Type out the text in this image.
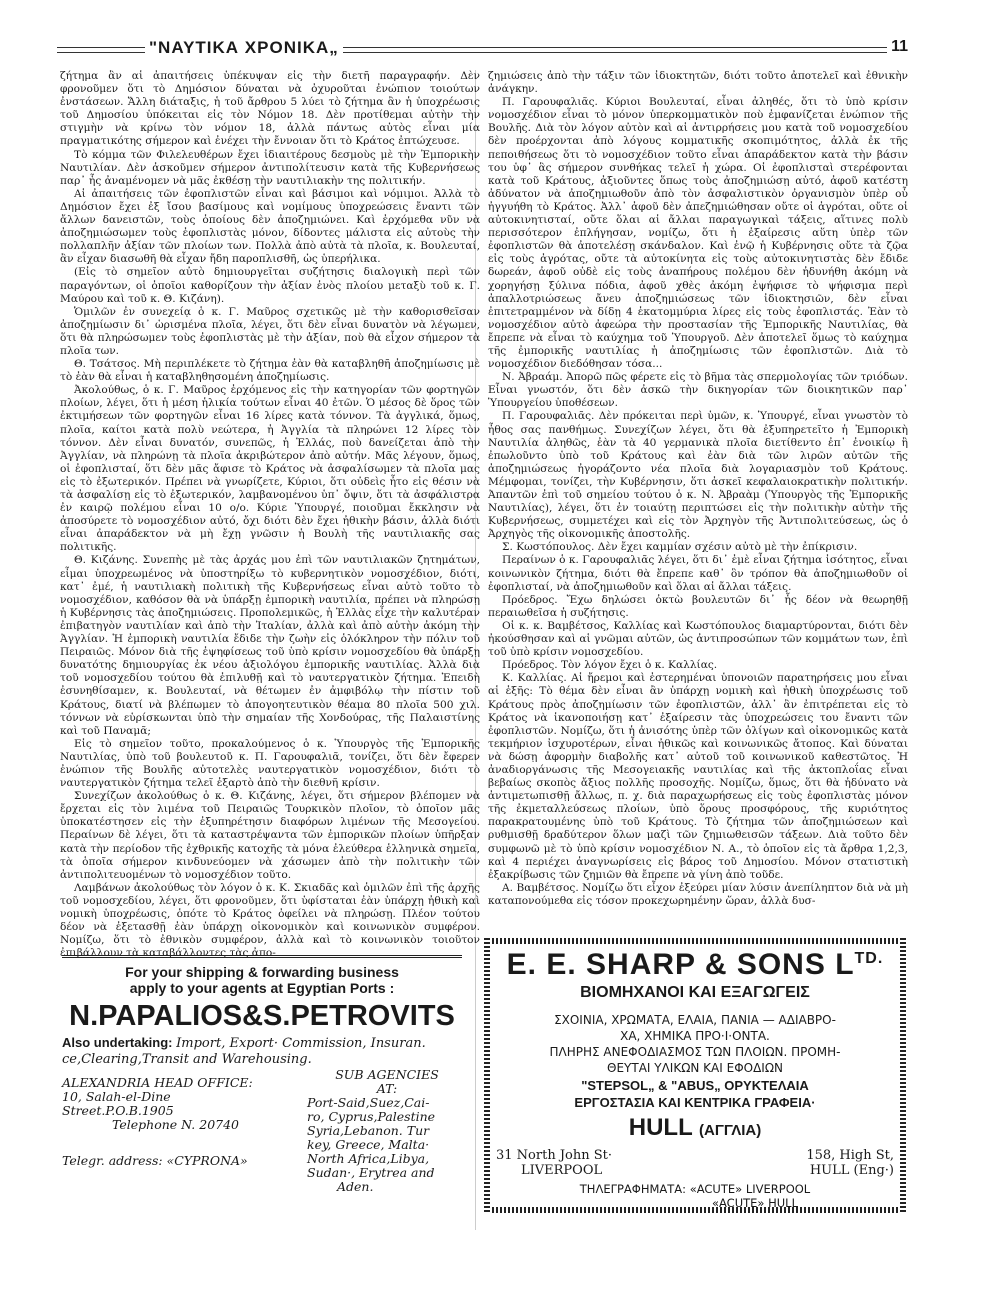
"ΝΑΥΤΙΚΑ ΧΡΟΝΙΚΑ„	11

ζήτημα ἂν αἱ ἀπαιτήσεις ὑπέκυψαν εἰς τὴν διετῆ παραγραφήν. Δὲν φρονοῦμεν ὅτι τὸ Δημόσιον δύναται νὰ ὀχυροῦται ἐνώπιον τοιούτων ἐνστάσεων. Ἄλλη διάταξις, ἡ τοῦ ἄρθρου 5 λύει τὸ ζήτημα ἂν ἡ ὑποχρέωσις τοῦ Δημοσίου ὑπόκειται εἰς τὸν Νόμον 18. Δὲν προτίθεμαι αὐτὴν τὴν στιγμὴν νὰ κρίνω τὸν νόμον 18, ἀλλὰ πάντως αὐτὸς εἶναι μία πραγματικότης σήμερον καὶ ἐνέχει τὴν ἔννοιαν ὅτι τὸ Κράτος ἐπτώχευσε.

Τὸ κόμμα τῶν Φιλελευθέρων ἔχει ἰδιαιτέρους δεσμοὺς μὲ τὴν Ἐμπορικὴν Ναυτιλίαν. Δὲν ἀσκοῦμεν σήμερον ἀντιπολίτευσιν κατὰ τῆς Κυβερνήσεως παρ᾽ ἧς ἀναμένομεν νὰ μᾶς ἐκθέσῃ τὴν ναυτιλιακὴν της πολιτικήν.

Αἱ ἀπαιτήσεις τῶν ἐφοπλιστῶν εἶναι καὶ βάσιμοι καὶ νόμιμοι. Ἀλλὰ τὸ Δημόσιον ἔχει ἐξ ἴσου βασίμους καὶ νομίμους ὑποχρεώσεις ἔναντι τῶν ἄλλων δανειστῶν, τοὺς ὁποίους δὲν ἀποζημιώνει. Καὶ ἐρχόμεθα νῦν νὰ ἀποζημιώσωμεν τοὺς ἐφοπλιστὰς μόνον, δίδοντες μάλιστα εἰς αὐτοὺς τὴν πολλαπλῆν ἀξίαν τῶν πλοίων των. Πολλὰ ἀπὸ αὐτὰ τὰ πλοῖα, κ. Βουλευταί, ἂν εἶχαν διασωθῆ θὰ εἶχαν ἤδη παροπλισθῆ, ὡς ὑπερήλικα.

(Εἰς τὸ σημεῖον αὐτὸ δημιουργεῖται συζήτησις διαλογικὴ περὶ τῶν παραγόντων, οἱ ὁποῖοι καθορίζουν τὴν ἀξίαν ἑνὸς πλοίου μεταξὺ τοῦ κ. Γ. Μαύρου καὶ τοῦ κ. Θ. Κιζάνη).

Ὁμιλῶν ἐν συνεχείᾳ ὁ κ. Γ. Μαῦρος σχετικῶς μὲ τὴν καθορισθεῖσαν ἀποζημίωσιν δι᾽ ὡρισμένα πλοῖα, λέγει, ὅτι δὲν εἶναι δυνατὸν νὰ λέγωμεν, ὅτι θὰ πληρώσωμεν τοὺς ἐφοπλιστὰς μὲ τὴν ἀξίαν, ποὺ θὰ εἶχον σήμερον τὰ πλοῖα των.

Θ. Τσάτσος. Μὴ περιπλέκετε τὸ ζήτημα ἐὰν θὰ καταβληθῆ ἀποζημίωσις μὲ τὸ ἐὰν θὰ εἶναι ἡ καταβληθησομένη ἀποζημίωσις.

Ἀκολούθως, ὁ κ. Γ. Μαῦρος ἐρχόμενος εἰς τὴν κατηγορίαν τῶν φορτηγῶν πλοίων, λέγει, ὅτι ἡ μέση ἡλικία τούτων εἶναι 40 ἐτῶν. Ὁ μέσος δὲ ὅρος τῶν ἐκτιμήσεων τῶν φορτηγῶν εἶναι 16 λίρες κατὰ τόννον. Τὰ ἀγγλικά, ὅμως, πλοῖα, καίτοι κατὰ πολὺ νεώτερα, ἡ Ἀγγλία τὰ πληρώνει 12 λίρες τὸν τόννον. Δὲν εἶναι δυνατόν, συνεπῶς, ἡ Ἑλλάς, ποὺ δανείζεται ἀπὸ τὴν Ἀγγλίαν, νὰ πληρώνῃ τὰ πλοῖα ἀκριβώτερον ἀπὸ αὐτήν. Μᾶς λέγουν, ὅμως, οἱ ἐφοπλισταί, ὅτι δὲν μᾶς ἄφισε τὸ Κράτος νὰ ἀσφαλίσωμεν τὰ πλοῖα μας εἰς τὸ ἐξωτερικόν. Πρέπει νὰ γνωρίζετε, Κύριοι, ὅτι οὐδεὶς ἦτο εἰς θέσιν νὰ τὰ ἀσφαλίσῃ εἰς τὸ ἐξωτερικόν, λαμβανομένου ὑπ᾽ ὄψιν, ὅτι τὰ ἀσφάλιστρα ἐν καιρῷ πολέμου εἶναι 10 o/o. Κύριε Ὑπουργέ, ποιοῦμαι ἔκκλησιν νὰ ἀποσύρετε τὸ νομοσχέδιον αὐτό, ὄχι διότι δὲν ἔχει ἠθικὴν βάσιν, ἀλλὰ διότι εἶναι ἀπαράδεκτον νὰ μὴ ἔχῃ γνῶσιν ἡ Βουλὴ τῆς ναυτιλιακῆς σας πολιτικῆς.

Θ. Κιζάνης. Συνεπὴς μὲ τὰς ἀρχάς μου ἐπὶ τῶν ναυτιλιακῶν ζητημάτων, εἶμαι ὑποχρεωμένος νὰ ὑποστηρίξω τὸ κυβερνητικὸν νομοσχέδιον, διότι, κατ᾽ ἐμέ, ἡ ναυτιλιακὴ πολιτικὴ τῆς Κυβερνήσεως εἶναι αὐτὸ τοῦτο τὸ νομοσχέδιον, καθόσον θὰ νὰ ὑπάρξῃ ἐμπορικὴ ναυτιλία, πρέπει νὰ πληρώσῃ ἡ Κυβέρνησις τὰς ἀποζημιώσεις. Προπολεμικῶς, ἡ Ἑλλὰς εἶχε τὴν καλυτέραν ἐπιβατηγὸν ναυτιλίαν καὶ ἀπὸ τὴν Ἰταλίαν, ἀλλὰ καὶ ἀπὸ αὐτὴν ἀκόμη τὴν Ἀγγλίαν. Ἡ ἐμπορικὴ ναυτιλία ἔδιδε τὴν ζωὴν εἰς ὁλόκληρον τὴν πόλιν τοῦ Πειραιῶς. Μόνον διὰ τῆς ἐψηφίσεως τοῦ ὑπὸ κρίσιν νομοσχεδίου θὰ ὑπάρξῃ δυνατότης δημιουργίας ἐκ νέου ἀξιολόγου ἐμπορικῆς ναυτιλίας. Ἀλλὰ διὰ τοῦ νομοσχεδίου τούτου θὰ ἐπιλυθῇ καὶ τὸ ναυτεργατικὸν ζήτημα. Ἐπειδὴ ἐσυνηθίσαμεν, κ. Βουλευταί, νὰ θέτωμεν ἐν ἀμφιβόλῳ τὴν πίστιν τοῦ Κράτους, διατί νὰ βλέπωμεν τὸ ἀπογοητευτικὸν θέαμα 80 πλοῖα 500 χιλ. τόννων νὰ εὑρίσκωνται ὑπὸ τὴν σημαίαν τῆς Χονδούρας, τῆς Παλαιστίνης καὶ τοῦ Παναμᾶ;

Εἰς τὸ σημεῖον τοῦτο, προκαλούμενος ὁ κ. Ὑπουργὸς τῆς Ἐμπορικῆς Ναυτιλίας, ὑπὸ τοῦ βουλευτοῦ κ. Π. Γαρουφαλιᾶ, τονίζει, ὅτι δὲν ἔφερεν ἐνώπιον τῆς Βουλῆς αὐτοτελὲς ναυτεργατικὸν νομοσχέδιον, διότι τὸ ναυτεργατικὸν ζήτημα τελεῖ ἐξαρτὸ ἀπὸ τὴν διεθνῆ κρίσιν.

Συνεχίζων ἀκολούθως ὁ κ. Θ. Κιζάνης, λέγει, ὅτι σήμερον βλέπομεν νὰ ἔρχεται εἰς τὸν λιμένα τοῦ Πειραιῶς Τουρκικὸν πλοῖον, τὸ ὁποῖον μᾶς ὑποκατέστησεν εἰς τὴν ἐξυπηρέτησιν διαφόρων λιμένων τῆς Μεσογείου. Περαίνων δὲ λέγει, ὅτι τὰ καταστρέψαντα τῶν ἐμπορικῶν πλοίων ὑπῆρξαν κατὰ τὴν περίοδον τῆς ἐχθρικῆς κατοχῆς τὰ μόνα ἐλεύθερα ἑλληνικὰ σημεῖα, τὰ ὁποῖα σήμερον κινδυνεύομεν νὰ χάσωμεν ἀπὸ τὴν πολιτικὴν τῶν ἀντιπολιτευομένων τὸ νομοσχέδιον τοῦτο.

Λαμβάνων ἀκολούθως τὸν λόγον ὁ κ. Κ. Σκιαδᾶς καὶ ὁμιλῶν ἐπὶ τῆς ἀρχῆς τοῦ νομοσχεδίου, λέγει, ὅτι φρονοῦμεν, ὅτι ὑφίσταται ἐὰν ὑπάρχῃ ἠθικὴ καὶ νομικὴ ὑποχρέωσις, ὁπότε τὸ Κράτος ὀφείλει νὰ πληρώσῃ. Πλέον τούτου δέον νὰ ἐξετασθῇ ἐὰν ὑπάρχῃ οἰκονομικὸν καὶ κοινωνικὸν συμφέρον. Νομίζω, ὅτι τὸ ἐθνικὸν συμφέρον, ἀλλὰ καὶ τὸ κοινωνικὸν τοιοῦτον ἐπιβάλλουν τὰ καταβάλλοντες τὰς ἀπο-

ζημιώσεις ἀπὸ τὴν τάξιν τῶν ἰδιοκτητῶν, διότι τοῦτο ἀποτελεῖ καὶ ἐθνικὴν ἀνάγκην.

Π. Γαρουφαλιᾶς. Κύριοι Βουλευταί, εἶναι ἀληθές, ὅτι τὸ ὑπὸ κρίσιν νομοσχέδιον εἶναι τὸ μόνον ὑπερκομματικὸν ποὺ ἐμφανίζεται ἐνώπιον τῆς Βουλῆς. Διὰ τὸν λόγον αὐτὸν καὶ αἱ ἀντιρρήσεις μου κατὰ τοῦ νομοσχεδίου δὲν προέρχονται ἀπὸ λόγους κομματικῆς σκοπιμότητος, ἀλλὰ ἐκ τῆς πεποιθήσεως ὅτι τὸ νομοσχέδιον τοῦτο εἶναι ἀπαράδεκτον κατὰ τὴν βάσιν του ὑφ᾽ ἃς σήμερον συνθήκας τελεῖ ἡ χώρα. Οἱ ἐφοπλισταὶ στερέφονται κατὰ τοῦ Κράτους, ἀξιοῦντες ὅπως τοὺς ἀποζημιώσῃ αὐτό, ἀφοῦ κατέστη ἀδύνατον νὰ ἀποζημιωθοῦν ἀπὸ τὸν ἀσφαλιστικὸν ὀργανισμὸν ὑπὲρ οὗ ἠγγυήθη τὸ Κράτος. Ἀλλ᾽ ἀφοῦ δὲν ἀπεζημιώθησαν οὔτε οἱ ἀγρόται, οὔτε οἱ αὐτοκινητισταί, οὔτε ὅλαι αἱ ἄλλαι παραγωγικαὶ τάξεις, αἵτινες πολὺ περισσότερον ἐπλήγησαν, νομίζω, ὅτι ἡ ἐξαίρεσις αὕτη ὑπὲρ τῶν ἐφοπλιστῶν θὰ ἀποτελέσῃ σκάνδαλον. Καὶ ἐνῷ ἡ Κυβέρνησις οὔτε τὰ ζῷα εἰς τοὺς ἀγρότας, οὔτε τὰ αὐτοκίνητα εἰς τοὺς αὐτοκινητιστὰς δὲν ἔδιδε δωρεάν, ἀφοῦ οὐδὲ εἰς τοὺς ἀναπήρους πολέμου δὲν ἠδυνήθη ἀκόμη νὰ χορηγήσῃ ξύλινα πόδια, ἀφοῦ χθὲς ἀκόμη ἐψήφισε τὸ ψήφισμα περὶ ἀπαλλοτριώσεως ἄνευ ἀποζημιώσεως τῶν ἰδιοκτησιῶν, δὲν εἶναι ἐπιτετραμμένον νὰ δίδῃ 4 ἑκατομμύρια λίρες εἰς τοὺς ἐφοπλιστάς. Ἐὰν τὸ νομοσχέδιον αὐτὸ ἀφεώρα τὴν προστασίαν τῆς Ἐμπορικῆς Ναυτιλίας, θὰ ἔπρεπε νὰ εἶναι τὸ καύχημα τοῦ Ὑπουργοῦ. Δὲν ἀποτελεῖ ὅμως τὸ καύχημα τῆς ἐμπορικῆς ναυτιλίας ἡ ἀποζημίωσις τῶν ἐφοπλιστῶν. Διὰ τὸ νομοσχέδιον διεδόθησαν τόσα...

Ν. Ἀβραάμ. Ἀπορῶ πῶς φέρετε εἰς τὸ βῆμα τὰς σπερμολογίας τῶν τριόδων. Εἶναι γνωστόν, ὅτι δὲν ἀσκῶ τὴν δικηγορίαν τῶν διοικητικῶν παρ᾽ Ὑπουργείου ὑποθέσεων.

Π. Γαρουφαλιᾶς. Δὲν πρόκειται περὶ ὑμῶν, κ. Ὑπουργέ, εἶναι γνωστὸν τὸ ἦθος σας πανθήμως. Συνεχίζων λέγει, ὅτι θὰ ἐξυπηρετεῖτο ἡ Ἐμπορικὴ Ναυτιλία ἀληθῶς, ἐὰν τὰ 40 γερμανικὰ πλοῖα διετίθεντο ἐπ᾽ ἐνοικίῳ ἢ ἐπωλοῦντο ὑπὸ τοῦ Κράτους καὶ ἐὰν διὰ τῶν λιρῶν αὐτῶν τῆς ἀποζημιώσεως ἠγοράζοντο νέα πλοῖα διὰ λογαριασμὸν τοῦ Κράτους. Μέμφομαι, τονίζει, τὴν Κυβέρνησιν, ὅτι ἀσκεῖ κεφαλαιοκρατικὴν πολιτικήν. Ἀπαντῶν ἐπὶ τοῦ σημείου τούτου ὁ κ. Ν. Ἀβραὰμ (Ὑπουργὸς τῆς Ἐμπορικῆς Ναυτιλίας), λέγει, ὅτι ἐν τοιαύτῃ περιπτώσει εἰς τὴν πολιτικὴν αὐτὴν τῆς Κυβερνήσεως, συμμετέχει καὶ εἰς τὸν Ἀρχηγὸν τῆς Ἀντιπολιτεύσεως, ὡς ὁ Ἀρχηγὸς τῆς οἰκονομικῆς ἀποστολῆς.

Σ. Κωστόπουλος. Δὲν ἔχει καμμίαν σχέσιν αὐτὸ μὲ τὴν ἐπίκρισιν.

Περαίνων ὁ κ. Γαρουφαλιᾶς λέγει, ὅτι δι᾽ ἐμὲ εἶναι ζήτημα ἰσότητος, εἶναι κοινωνικὸν ζήτημα, διότι θὰ ἔπρεπε καθ᾽ ὃν τρόπον θὰ ἀποζημιωθοῦν οἱ ἐφοπλισταί, νὰ ἀποζημιωθοῦν καὶ ὅλαι αἱ ἄλλαι τάξεις.

Πρόεδρος. Ἔχω δηλώσει ὀκτὼ βουλευτῶν δι᾽ ἧς δέον νὰ θεωρηθῇ περαιωθεῖσα ἡ συζήτησις.

Οἱ κ. κ. Βαμβέτσος, Καλλίας καὶ Κωστόπουλος διαμαρτύρονται, διότι δὲν ἠκούσθησαν καὶ αἱ γνῶμαι αὐτῶν, ὡς ἀντιπροσώπων τῶν κομμάτων των, ἐπὶ τοῦ ὑπὸ κρίσιν νομοσχεδίου.

Πρόεδρος. Τὸν λόγον ἔχει ὁ κ. Καλλίας.

Κ. Καλλίας. Αἱ ἤρεμοι καὶ ἐστερημέναι ὑπονοιῶν παρατηρήσεις μου εἶναι αἱ ἑξῆς: Τὸ θέμα δὲν εἶναι ἂν ὑπάρχῃ νομικὴ καὶ ἠθικὴ ὑποχρέωσις τοῦ Κράτους πρὸς ἀποζημίωσιν τῶν ἐφοπλιστῶν, ἀλλ᾽ ἂν ἐπιτρέπεται εἰς τὸ Κράτος νὰ ἱκανοποιήσῃ κατ᾽ ἐξαίρεσιν τὰς ὑποχρεώσεις του ἔναντι τῶν ἐφοπλιστῶν. Νομίζω, ὅτι ἡ ἀνισότης ὑπὲρ τῶν ὀλίγων καὶ οἰκονομικῶς κατὰ τεκμήριον ἰσχυροτέρων, εἶναι ἠθικῶς καὶ κοινωνικῶς ἄτοπος. Καὶ δύναται νὰ δώσῃ ἀφορμὴν διαβολῆς κατ᾽ αὐτοῦ τοῦ κοινωνικοῦ καθεστῶτος. Ἡ ἀναδιοργάνωσις τῆς Μεσογειακῆς ναυτιλίας καὶ τῆς ἀκτοπλοΐας εἶναι βεβαίως σκοπὸς ἄξιος πολλῆς προσοχῆς. Νομίζω, ὅμως, ὅτι θὰ ἠδύνατο νὰ ἀντιμετωπισθῇ ἄλλως, π. χ. διὰ παραχωρήσεως εἰς τοὺς ἐφοπλιστὰς μόνον τῆς ἐκμεταλλεύσεως πλοίων, ὑπὸ ὅρους προσφόρους, τῆς κυριότητος παρακρατουμένης ὑπὸ τοῦ Κράτους. Τὸ ζήτημα τῶν ἀποζημιώσεων καὶ ρυθμισθῇ δραδύτερον ὅλων μαζὶ τῶν ζημιωθεισῶν τάξεων. Διὰ τοῦτο δὲν συμφωνῶ μὲ τὸ ὑπὸ κρίσιν νομοσχέδιον Ν. Α., τὸ ὁποῖον εἰς τὰ ἄρθρα 1,2,3, καὶ 4 περιέχει ἀναγνωρίσεις εἰς βάρος τοῦ Δημοσίου. Μόνον στατιστικὴ ἐξακρίβωσις τῶν ζημιῶν θὰ ἔπρεπε νὰ γίνη ἀπὸ τοῦδε.

Α. Βαμβέτσος. Νομίζω ὅτι εἶχον ἐξεύρει μίαν λύσιν ἀνεπίληπτον διὰ νὰ μὴ καταπονούμεθα εἰς τόσον προκεχωρημένην ὥραν, ἀλλὰ δυσ-

For your shipping & forwarding business
apply to your agents at Egyptian Ports :
N.PAPALIOS&S.PETROVITS
Also undertaking: Import, Export· Commission, Insuran. ce,Clearing,Transit and Warehousing.
ALEXANDRIA HEAD OFFICE:
10, Salah-el-Dine Street.P.O.B.1905
Telephone N. 20740
SUB AGENCIES
AT:
Port-Said,Suez,Cai-
ro, Cyprus,Palestine
Syria,Lebanon. Tur
key, Greece, Malta·
North Africa,Libya,
Sudan·, Erytrea and
Aden.
Telegr. address: «CYPRONA»
E. E. SHARP & SONS $L^{TD.}$
ΒΙΟΜΗΧΑΝΟΙ ΚΑΙ ΕΞΑΓΩΓΕΙΣ
ΣΧΟΙΝΙΑ, ΧΡΩΜΑΤΑ, ΕΛΑΙΑ, ΠΑΝΙΑ — ΑΔΙΑΒΡΟ-
ΧΑ, ΧΗΜΙΚΑ ΠΡΟ·Ι·ΟΝΤΑ.
ΠΛΗΡΗΣ ΑΝΕΦΟΔΙΑΣΜΟΣ ΤΩΝ ΠΛΟΙΩΝ. ΠΡΟΜΗ-
ΘΕΥΤΑΙ ΥΛΙΚΩΝ ΚΑΙ ΕΦΟΔΙΩΝ
"STEPSOL„ & "ABUS„ ΟΡΥΚΤΕΛΑΙΑ
ΕΡΓΟΣΤΑΣΙΑ ΚΑΙ ΚΕΝΤΡΙΚΑ ΓΡΑΦΕΙΑ·
HULL (ΑΓΓΛΙΑ)
31 North John St·
LIVERPOOL
158, High St,
HULL (Eng·)
ΤΗΛΕΓΡΑΦΗΜΑΤΑ: «ACUTE» LIVERPOOL
«ACUTE» HULL
